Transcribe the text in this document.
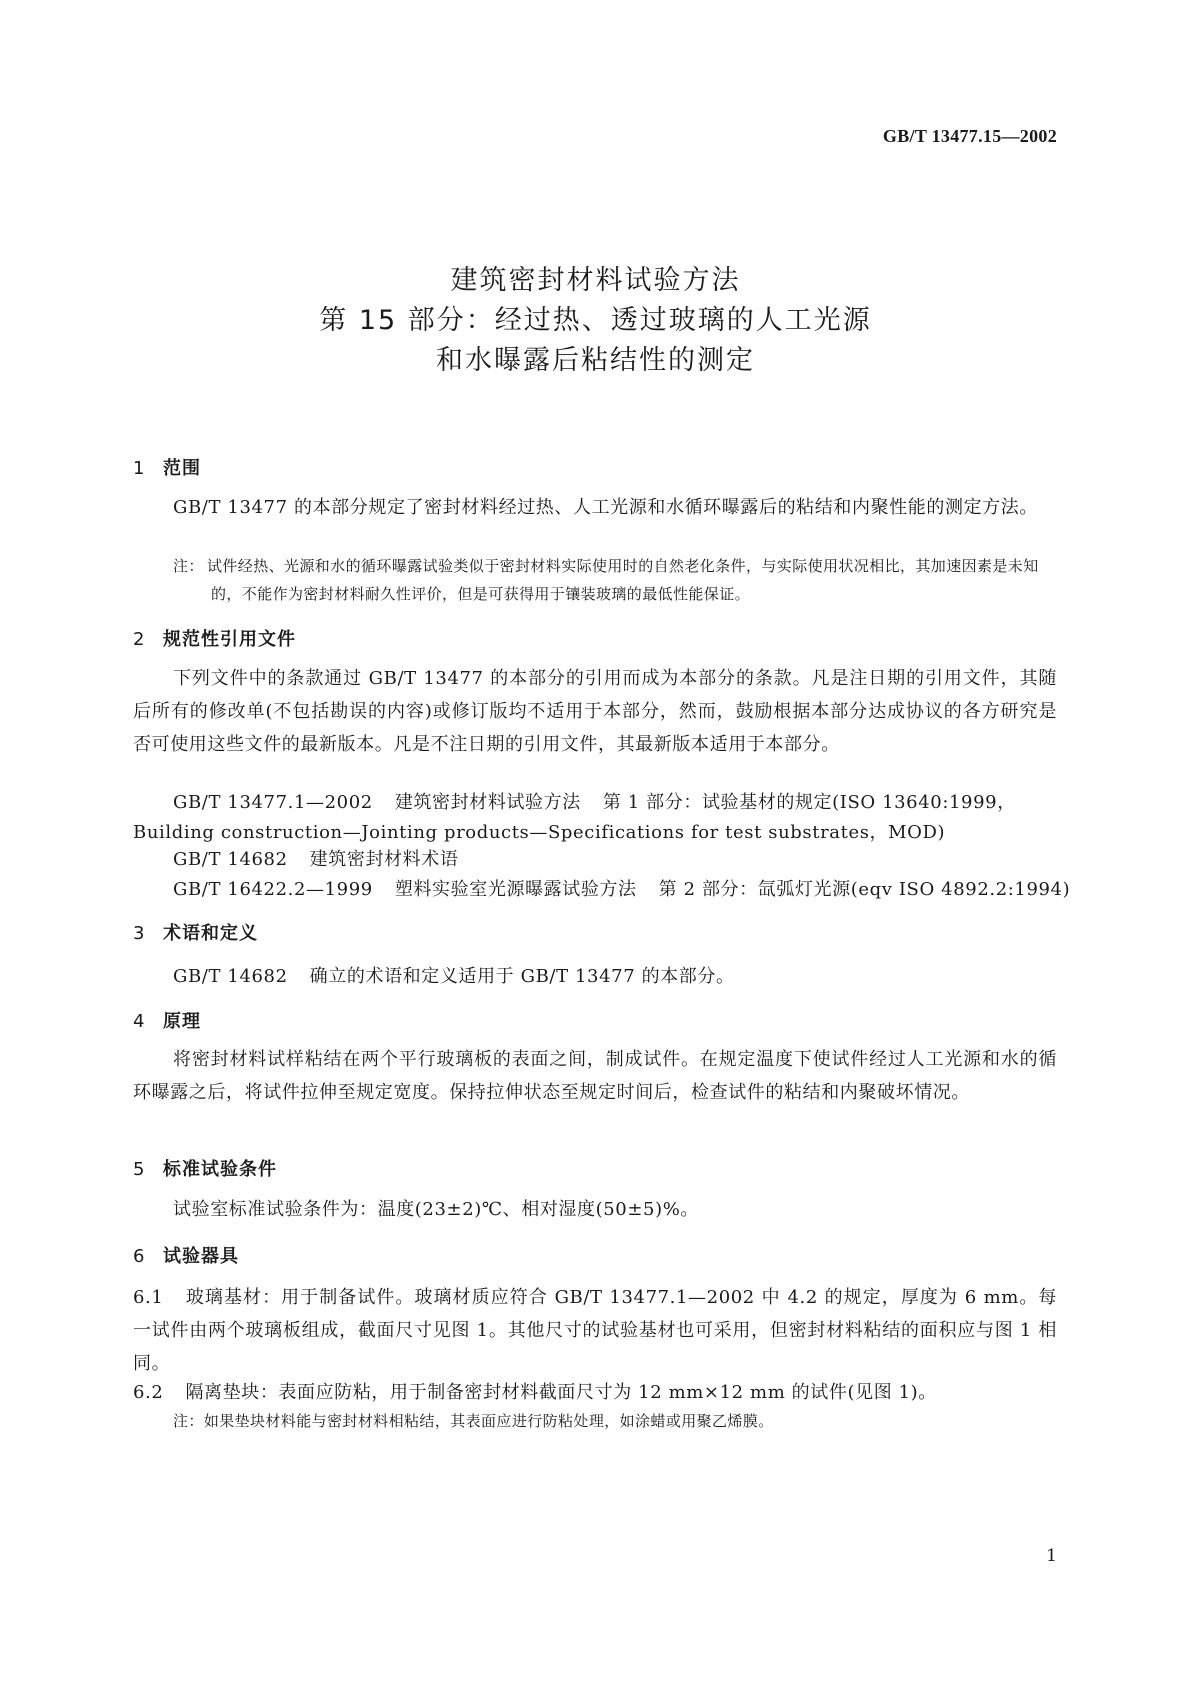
GB/T 13477.15—2002
建筑密封材料试验方法
第 15 部分：经过热、透过玻璃的人工光源
和水曝露后粘结性的测定
1 范围
GB/T 13477 的本部分规定了密封材料经过热、人工光源和水循环曝露后的粘结和内聚性能的测定方法。
注： 试件经热、光源和水的循环曝露试验类似于密封材料实际使用时的自然老化条件，与实际使用状况相比，其加速因素是未知的，不能作为密封材料耐久性评价，但是可获得用于镶装玻璃的最低性能保证。
2 规范性引用文件
下列文件中的条款通过 GB/T 13477 的本部分的引用而成为本部分的条款。凡是注日期的引用文件，其随后所有的修改单(不包括勘误的内容)或修订版均不适用于本部分，然而，鼓励根据本部分达成协议的各方研究是否可使用这些文件的最新版本。凡是不注日期的引用文件，其最新版本适用于本部分。
GB/T 13477.1—2002 建筑密封材料试验方法 第 1 部分：试验基材的规定(ISO 13640:1999，
Building construction—Jointing products—Specifications for test substrates，MOD)
GB/T 14682 建筑密封材料术语
GB/T 16422.2—1999 塑料实验室光源曝露试验方法 第 2 部分：氙弧灯光源(eqv ISO 4892.2:1994)
3 术语和定义
GB/T 14682 确立的术语和定义适用于 GB/T 13477 的本部分。
4 原理
将密封材料试样粘结在两个平行玻璃板的表面之间，制成试件。在规定温度下使试件经过人工光源和水的循环曝露之后，将试件拉伸至规定宽度。保持拉伸状态至规定时间后，检查试件的粘结和内聚破坏情况。
5 标准试验条件
试验室标准试验条件为：温度(23±2)℃、相对湿度(50±5)%。
6 试验器具
6.1 玻璃基材：用于制备试件。玻璃材质应符合 GB/T 13477.1—2002 中 4.2 的规定，厚度为 6 mm。每一试件由两个玻璃板组成，截面尺寸见图 1。其他尺寸的试验基材也可采用，但密封材料粘结的面积应与图 1 相同。
6.2 隔离垫块：表面应防粘，用于制备密封材料截面尺寸为 12 mm×12 mm 的试件(见图 1)。
注：如果垫块材料能与密封材料相粘结，其表面应进行防粘处理，如涂蜡或用聚乙烯膜。
1
